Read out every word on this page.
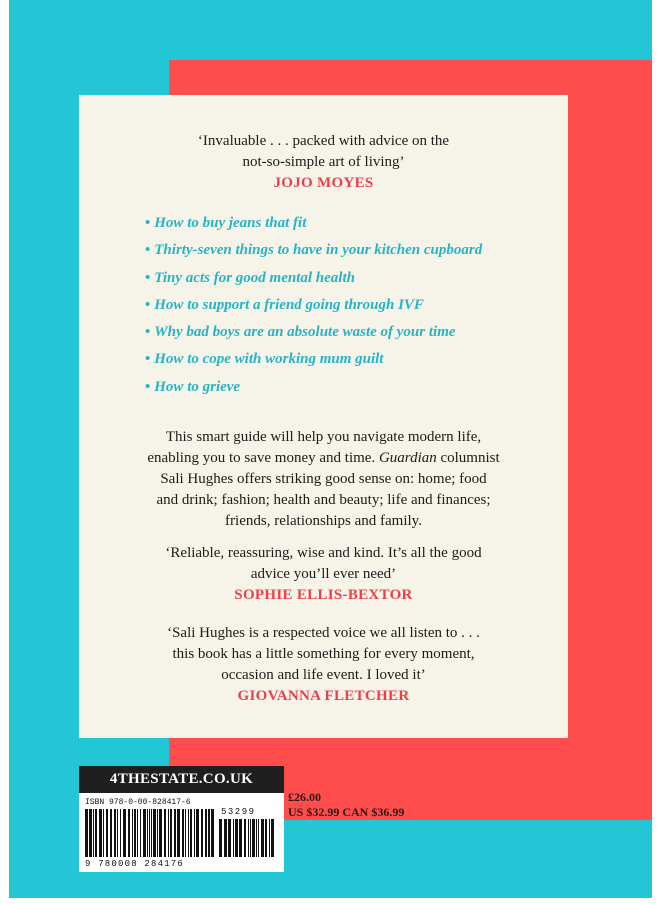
‘Invaluable . . . packed with advice on the
not-so-simple art of living’
JOJO MOYES
• How to buy jeans that fit
• Thirty-seven things to have in your kitchen cupboard
• Tiny acts for good mental health
• How to support a friend going through IVF
• Why bad boys are an absolute waste of your time
• How to cope with working mum guilt
• How to grieve
This smart guide will help you navigate modern life,
enabling you to save money and time. Guardian columnist
Sali Hughes offers striking good sense on: home; food
and drink; fashion; health and beauty; life and finances;
friends, relationships and family.
‘Reliable, reassuring, wise and kind. It’s all the good
advice you’ll ever need’
SOPHIE ELLIS-BEXTOR
‘Sali Hughes is a respected voice we all listen to . . .
this book has a little something for every moment,
occasion and life event. I loved it’
GIOVANNA FLETCHER
4THESTATE.CO.UK
ISBN 978-0-00-828417-6
53299
9 780008 284176
£26.00
US $32.99 CAN $36.99
